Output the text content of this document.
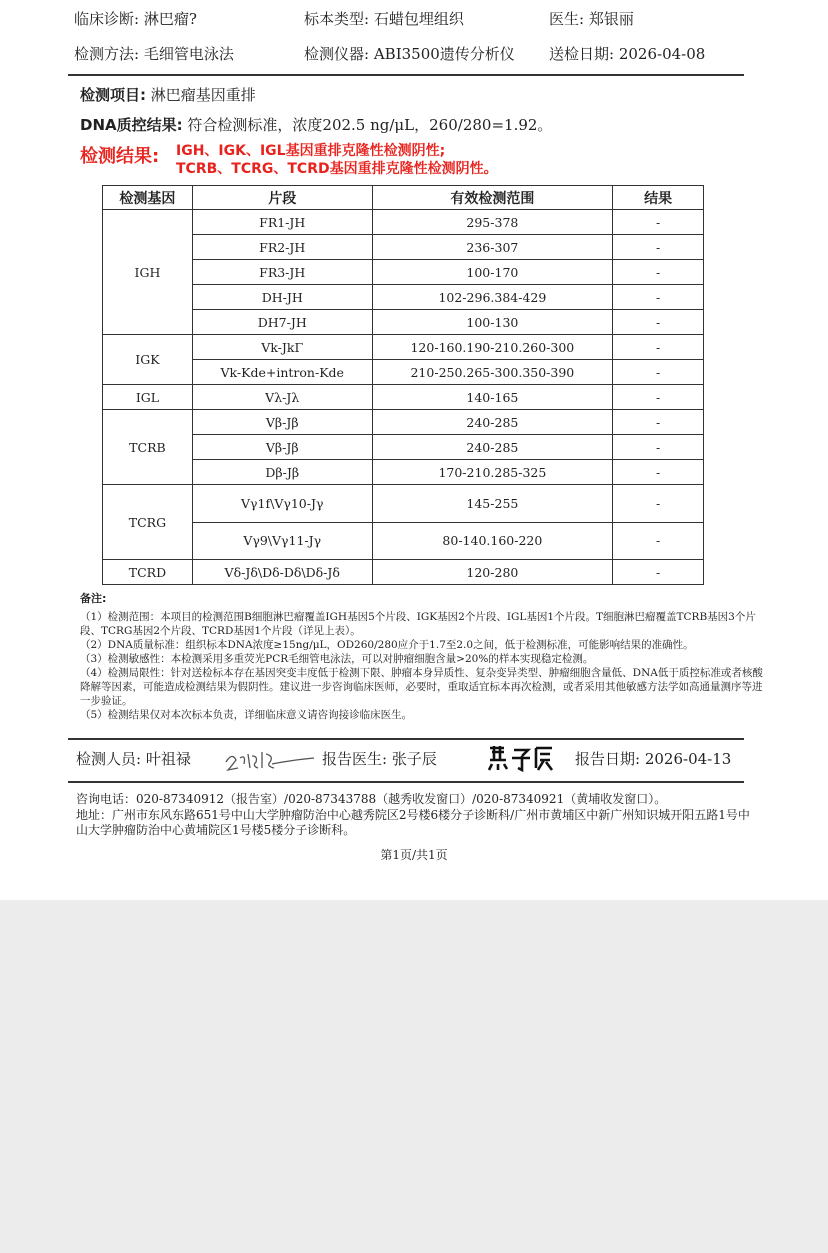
临床诊断: 淋巴瘤?	标本类型: 石蜡包埋组织	医生: 郑银丽
检测方法: 毛细管电泳法	检测仪器: ABI3500遗传分析仪 送检日期: 2026-04-08
检测项目: 淋巴瘤基因重排
DNA质控结果: 符合检测标准，浓度202.5 ng/μL，260/280=1.92。
检测结果: IGH、IGK、IGL基因重排克隆性检测阴性;
TCRB、TCRG、TCRD基因重排克隆性检测阴性。
检测基因	片段	有效检测范围	结果
IGH	FR1-JH	295-378	-
	FR2-JH	236-307	-
	FR3-JH	100-170	-
	DH-JH	102-296.384-429	-
	DH7-JH	100-130	-
IGK	Vk-JkΓ	120-160.190-210.260-300	-
	Vk-Kde+intron-Kde	210-250.265-300.350-390	-
IGL	Vλ-Jλ	140-165	-
TCRB	Vβ-Jβ	240-285	-
	Vβ-Jβ	240-285	-
	Dβ-Jβ	170-210.285-325	-
TCRG	Vγ1f\Vγ10-Jγ	145-255	-
	Vγ9\Vγ11-Jγ	80-140.160-220	-
TCRD	Vδ-Jδ\Dδ-Dδ\Dδ-Jδ	120-280	-
备注:
（1）检测范围：本项目的检测范围B细胞淋巴瘤覆盖IGH基因5个片段、IGK基因2个片段、IGL基因1个片段。T细胞淋巴瘤覆盖TCRB基因3个片段、TCRG基因2个片段、TCRD基因1个片段（详见上表）。
（2）DNA质量标准：组织标本DNA浓度≥15ng/μL，OD260/280应介于1.7至2.0之间，低于检测标准，可能影响结果的准确性。
（3）检测敏感性：本检测采用多重荧光PCR毛细管电泳法，可以对肿瘤细胞含量>20%的样本实现稳定检测。
（4）检测局限性：针对送检标本存在基因突变丰度低于检测下限、肿瘤本身异质性、复杂变异类型、肿瘤细胞含量低、DNA低于质控标准或者核酸降解等因素，可能造成检测结果为假阴性。建议进一步咨询临床医师，必要时，重取适宜标本再次检测，或者采用其他敏感方法学如高通量测序等进一步验证。
（5）检测结果仅对本次标本负责，详细临床意义请咨询接诊临床医生。
检测人员: 叶祖禄	报告医生: 张子辰	报告日期: 2026-04-13
咨询电话：020-87340912（报告室）/020-87343788（越秀收发窗口）/020-87340921（黄埔收发窗口）。
地址：广州市东风东路651号中山大学肿瘤防治中心越秀院区2号楼6楼分子诊断科/广州市黄埔区中新广州知识城开阳五路1号中山大学肿瘤防治中心黄埔院区1号楼5楼分子诊断科。
第1页/共1页
